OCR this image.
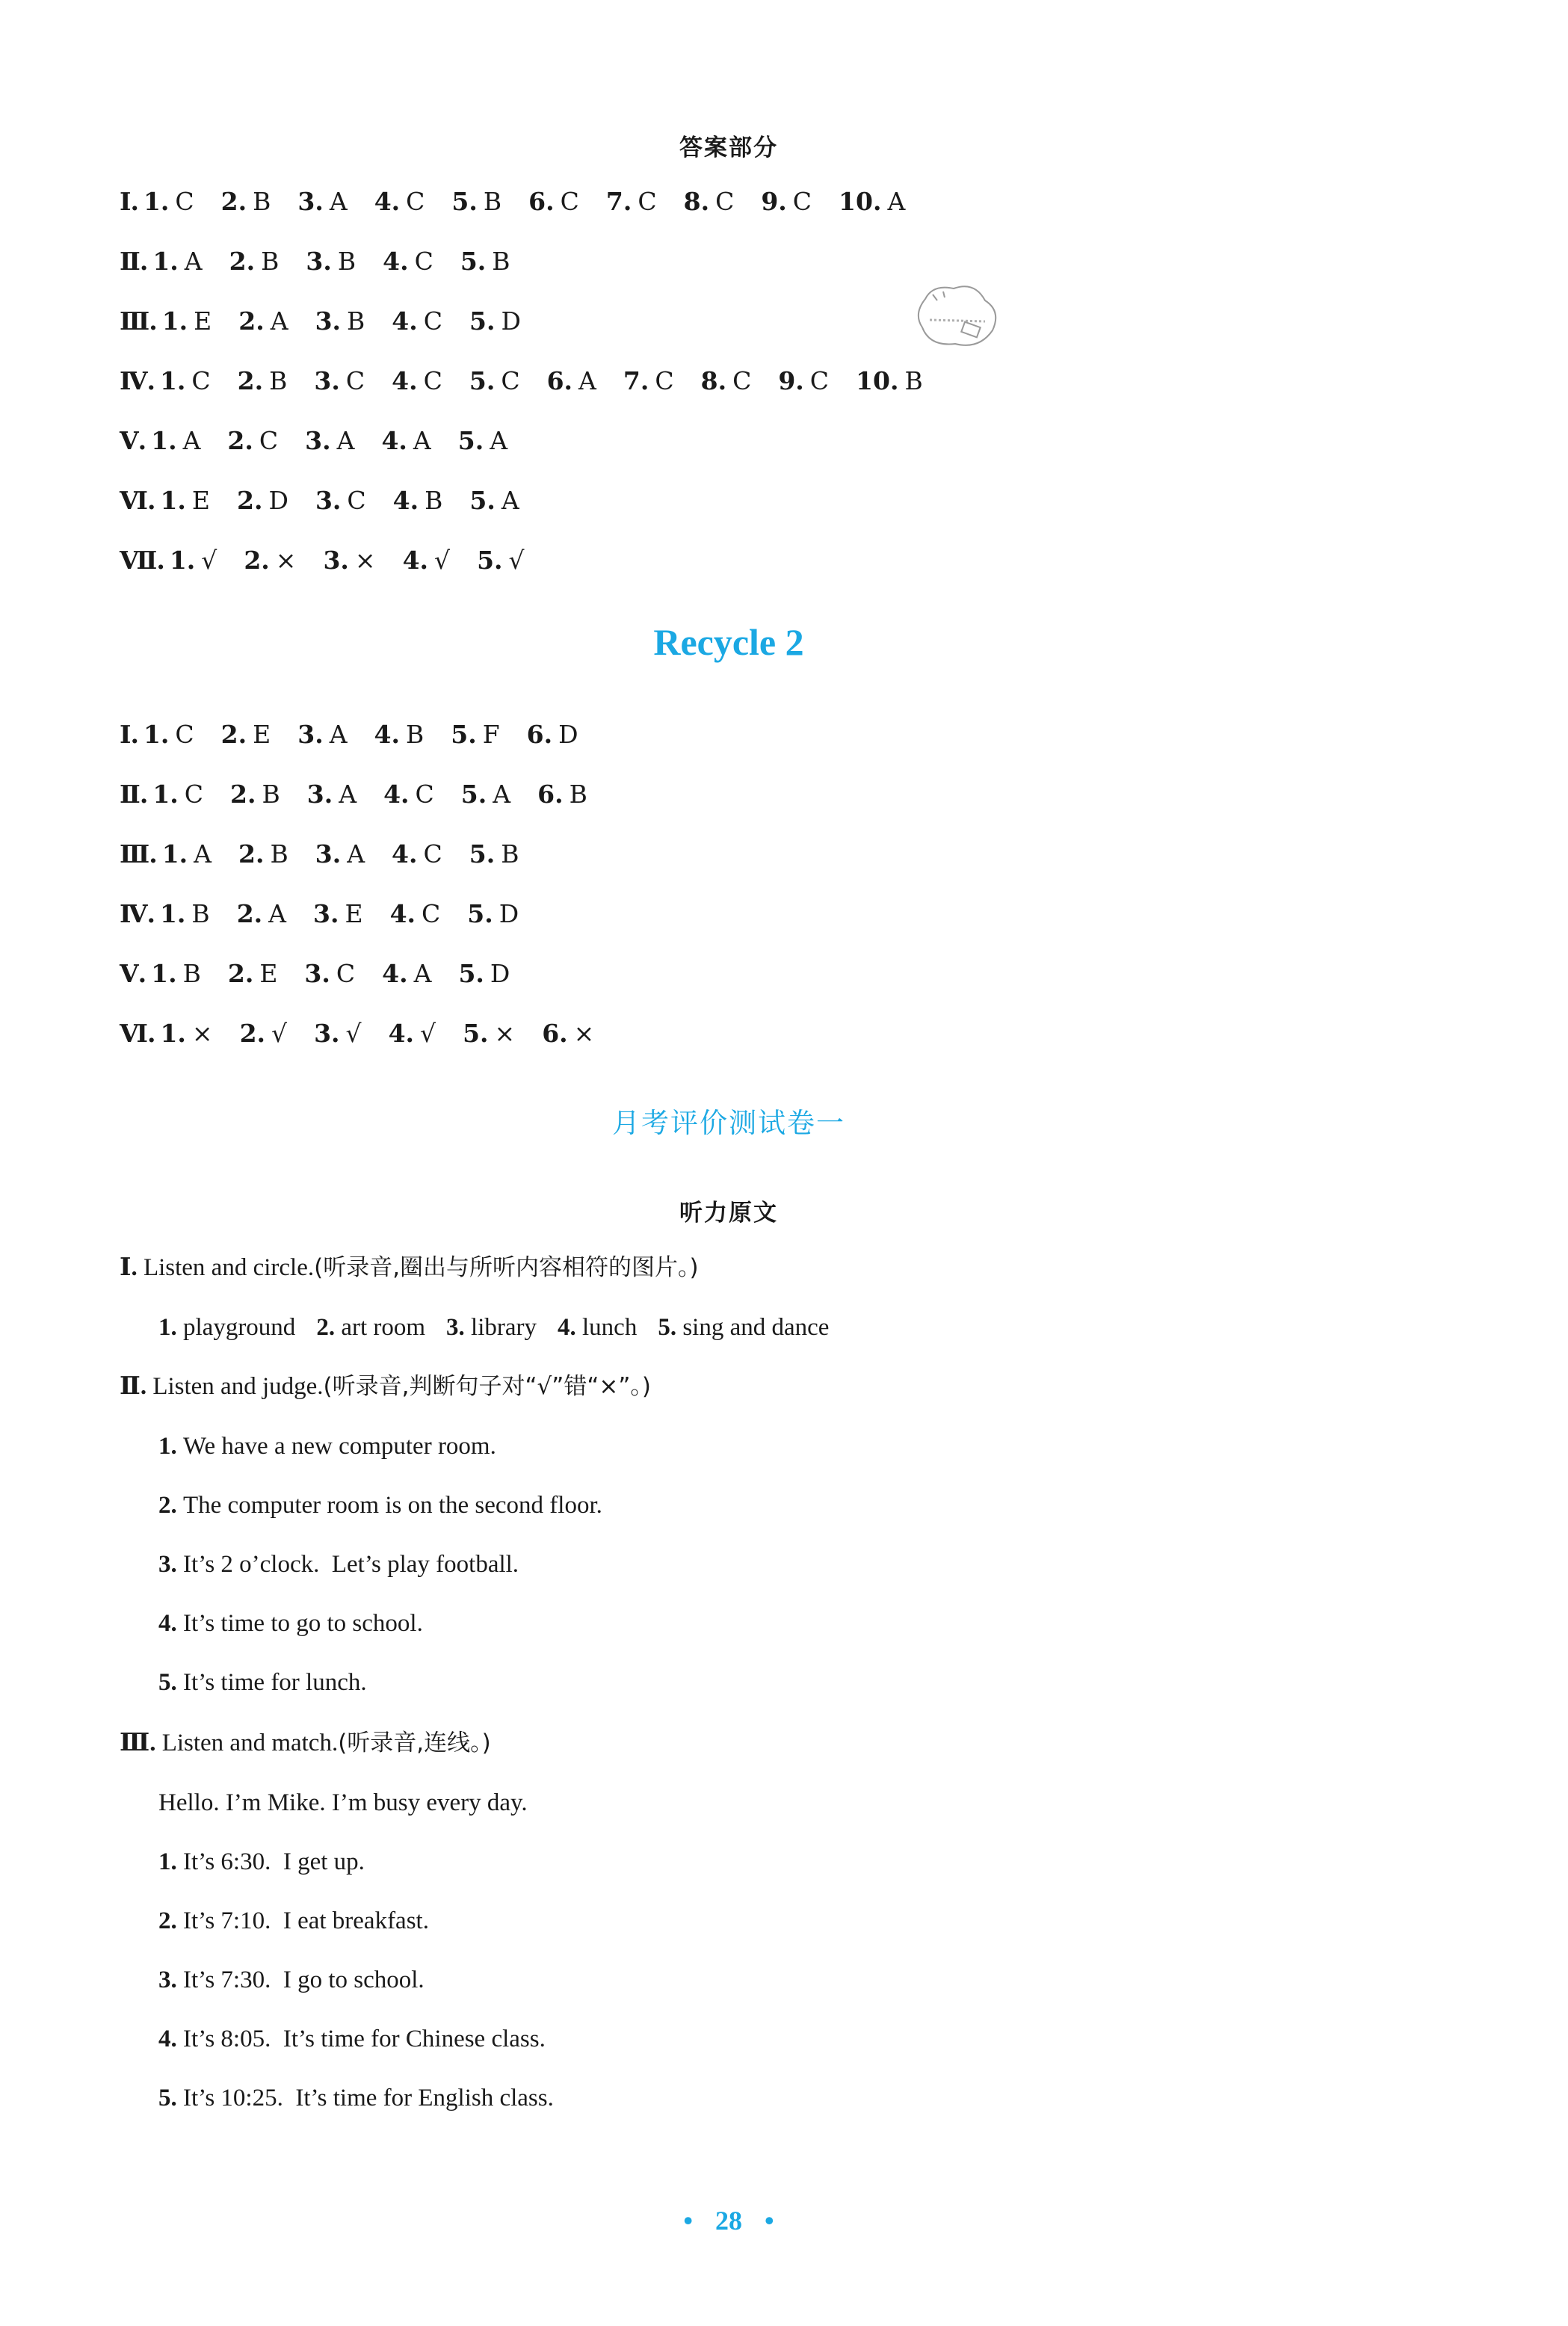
答案部分
Ⅰ. 1. C 2. B 3. A 4. C 5. B 6. C 7. C 8. C 9. C 10. A
Ⅱ. 1. A 2. B 3. B 4. C 5. B
Ⅲ. 1. E 2. A 3. B 4. C 5. D
Ⅳ. 1. C 2. B 3. C 4. C 5. C 6. A 7. C 8. C 9. C 10. B
Ⅴ. 1. A 2. C 3. A 4. A 5. A
Ⅵ. 1. E 2. D 3. C 4. B 5. A
Ⅶ. 1. √ 2. × 3. × 4. √ 5. √
Recycle 2
Ⅰ. 1. C 2. E 3. A 4. B 5. F 6. D
Ⅱ. 1. C 2. B 3. A 4. C 5. A 6. B
Ⅲ. 1. A 2. B 3. A 4. C 5. B
Ⅳ. 1. B 2. A 3. E 4. C 5. D
Ⅴ. 1. B 2. E 3. C 4. A 5. D
Ⅵ. 1. × 2. √ 3. √ 4. √ 5. × 6. ×
月考评价测试卷一
听力原文
Ⅰ. Listen and circle.(听录音,圈出与所听内容相符的图片。)
1. playground 2. art room 3. library 4. lunch 5. sing and dance
Ⅱ. Listen and judge.(听录音,判断句子对“√”错“×”。)
1. We have a new computer room.
2. The computer room is on the second floor.
3. It’s 2 o’clock.  Let’s play football.
4. It’s time to go to school.
5. It’s time for lunch.
Ⅲ. Listen and match.(听录音,连线。)
Hello. I’m Mike. I’m busy every day.
1. It’s 6:30.  I get up.
2. It’s 7:10.  I eat breakfast.
3. It’s 7:30.  I go to school.
4. It’s 8:05.  It’s time for Chinese class.
5. It’s 10:25.  It’s time for English class.
• 28 •
